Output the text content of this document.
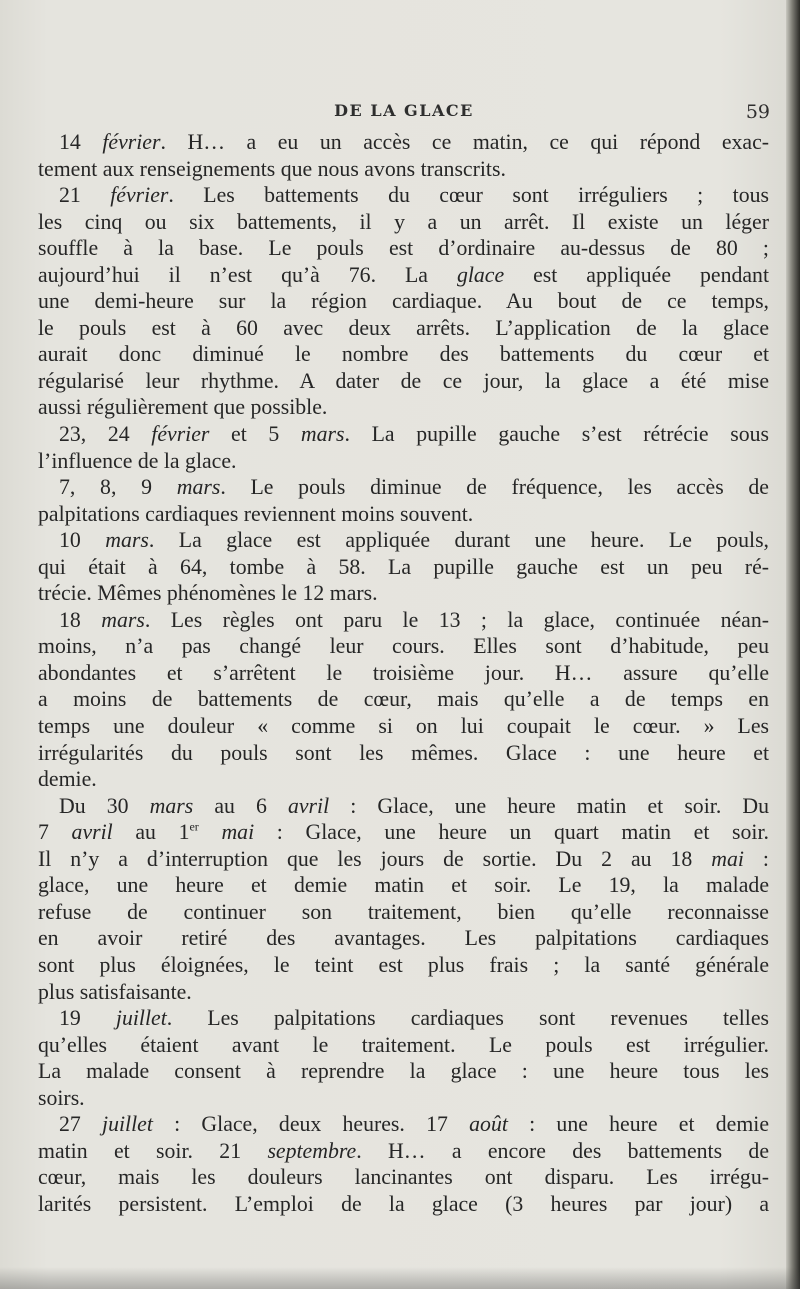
DE LA GLACE	59
14 février. H… a eu un accès ce matin, ce qui répond exac-
tement aux renseignements que nous avons transcrits.
21 février. Les battements du cœur sont irréguliers ; tous
les cinq ou six battements, il y a un arrêt. Il existe un léger
souffle à la base. Le pouls est d’ordinaire au-dessus de 80 ;
aujourd’hui il n’est qu’à 76. La glace est appliquée pendant
une demi-heure sur la région cardiaque. Au bout de ce temps,
le pouls est à 60 avec deux arrêts. L’application de la glace
aurait donc diminué le nombre des battements du cœur et
régularisé leur rhythme. A dater de ce jour, la glace a été mise
aussi régulièrement que possible.
23, 24 février et 5 mars. La pupille gauche s’est rétrécie sous
l’influence de la glace.
7, 8, 9 mars. Le pouls diminue de fréquence, les accès de
palpitations cardiaques reviennent moins souvent.
10 mars. La glace est appliquée durant une heure. Le pouls,
qui était à 64, tombe à 58. La pupille gauche est un peu ré-
trécie. Mêmes phénomènes le 12 mars.
18 mars. Les règles ont paru le 13 ; la glace, continuée néan-
moins, n’a pas changé leur cours. Elles sont d’habitude, peu
abondantes et s’arrêtent le troisième jour. H… assure qu’elle
a moins de battements de cœur, mais qu’elle a de temps en
temps une douleur « comme si on lui coupait le cœur. » Les
irrégularités du pouls sont les mêmes. Glace : une heure et
demie.
Du 30 mars au 6 avril : Glace, une heure matin et soir. Du
7 avril au 1er mai : Glace, une heure un quart matin et soir.
Il n’y a d’interruption que les jours de sortie. Du 2 au 18 mai :
glace, une heure et demie matin et soir. Le 19, la malade
refuse de continuer son traitement, bien qu’elle reconnaisse
en avoir retiré des avantages. Les palpitations cardiaques
sont plus éloignées, le teint est plus frais ; la santé générale
plus satisfaisante.
19 juillet. Les palpitations cardiaques sont revenues telles
qu’elles étaient avant le traitement. Le pouls est irrégulier.
La malade consent à reprendre la glace : une heure tous les
soirs.
27 juillet : Glace, deux heures. 17 août : une heure et demie
matin et soir. 21 septembre. H… a encore des battements de
cœur, mais les douleurs lancinantes ont disparu. Les irrégu-
larités persistent. L’emploi de la glace (3 heures par jour) a
